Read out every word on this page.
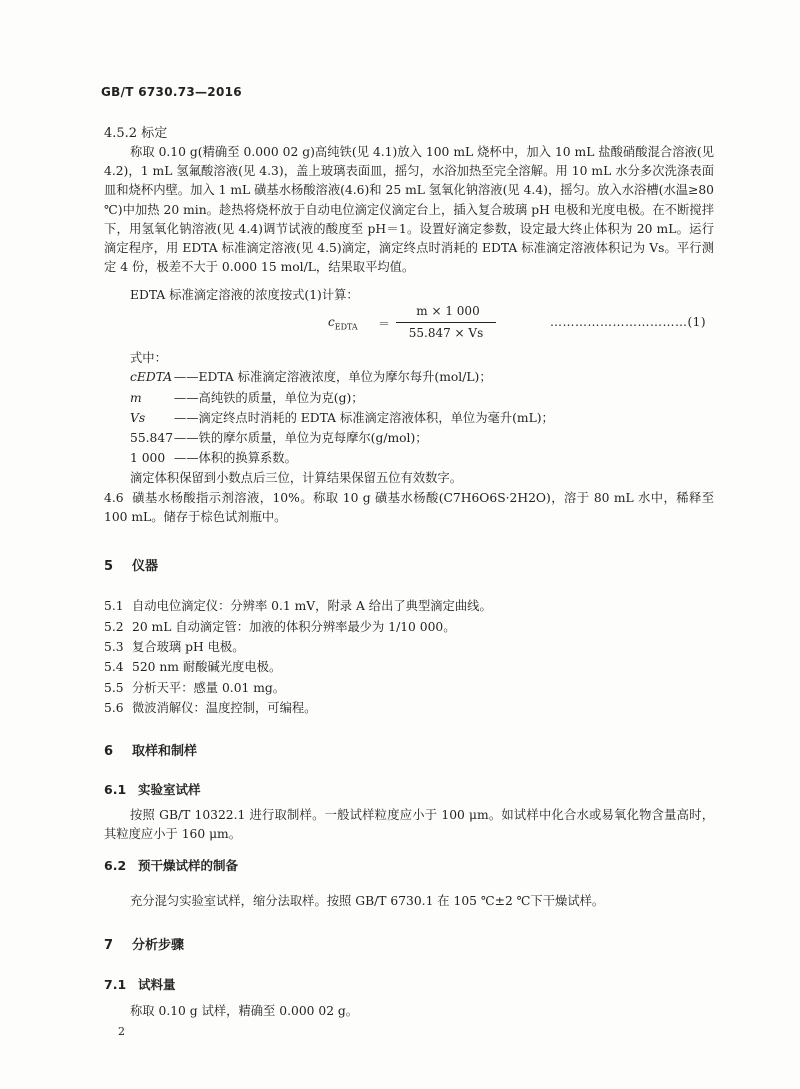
GB/T 6730.73—2016
4.5.2 标定
称取 0.10 g(精确至 0.000 02 g)高纯铁(见 4.1)放入 100 mL 烧杯中，加入 10 mL 盐酸硝酸混合溶液(见 4.2)，1 mL 氢氟酸溶液(见 4.3)，盖上玻璃表面皿，摇匀，水浴加热至完全溶解。用 10 mL 水分多次洗涤表面皿和烧杯内壁。加入 1 mL 磺基水杨酸溶液(4.6)和 25 mL 氢氧化钠溶液(见 4.4)，摇匀。放入水浴槽(水温≥80 ℃)中加热 20 min。趁热将烧杯放于自动电位滴定仪滴定台上，插入复合玻璃 pH 电极和光度电极。在不断搅拌下，用氢氧化钠溶液(见 4.4)调节试液的酸度至 pH＝1。设置好滴定参数，设定最大终止体积为 20 mL。运行滴定程序，用 EDTA 标准滴定溶液(见 4.5)滴定，滴定终点时消耗的 EDTA 标准滴定溶液体积记为 Vs。平行测定 4 份，极差不大于 0.000 15 mol/L，结果取平均值。
EDTA 标准滴定溶液的浓度按式(1)计算：
$c_{EDTA}$ ＝
m × 1 000
55.847 × Vs
……………………………(1)
式中：
cEDTA ——EDTA 标准滴定溶液浓度，单位为摩尔每升(mol/L)；
m	——高纯铁的质量，单位为克(g)；
Vs ——滴定终点时消耗的 EDTA 标准滴定溶液体积，单位为毫升(mL)；
55.847 ——铁的摩尔质量，单位为克每摩尔(g/mol)；
1 000 ——体积的换算系数。
滴定体积保留到小数点后三位，计算结果保留五位有效数字。
4.6 磺基水杨酸指示剂溶液，10%。称取 10 g 磺基水杨酸(C7H6O6S·2H2O)，溶于 80 mL 水中，稀释至 100 mL。储存于棕色试剂瓶中。
5 仪器
5.1 自动电位滴定仪：分辨率 0.1 mV，附录 A 给出了典型滴定曲线。
5.2 20 mL 自动滴定管：加液的体积分辨率最少为 1/10 000。
5.3 复合玻璃 pH 电极。
5.4 520 nm 耐酸碱光度电极。
5.5 分析天平：感量 0.01 mg。
5.6 微波消解仪：温度控制，可编程。
6 取样和制样
6.1 实验室试样
按照 GB/T 10322.1 进行取制样。一般试样粒度应小于 100 μm。如试样中化合水或易氧化物含量高时，其粒度应小于 160 μm。
6.2 预干燥试样的制备
充分混匀实验室试样，缩分法取样。按照 GB/T 6730.1 在 105 ℃±2 ℃下干燥试样。
7 分析步骤
7.1 试料量
称取 0.10 g 试样，精确至 0.000 02 g。
2
